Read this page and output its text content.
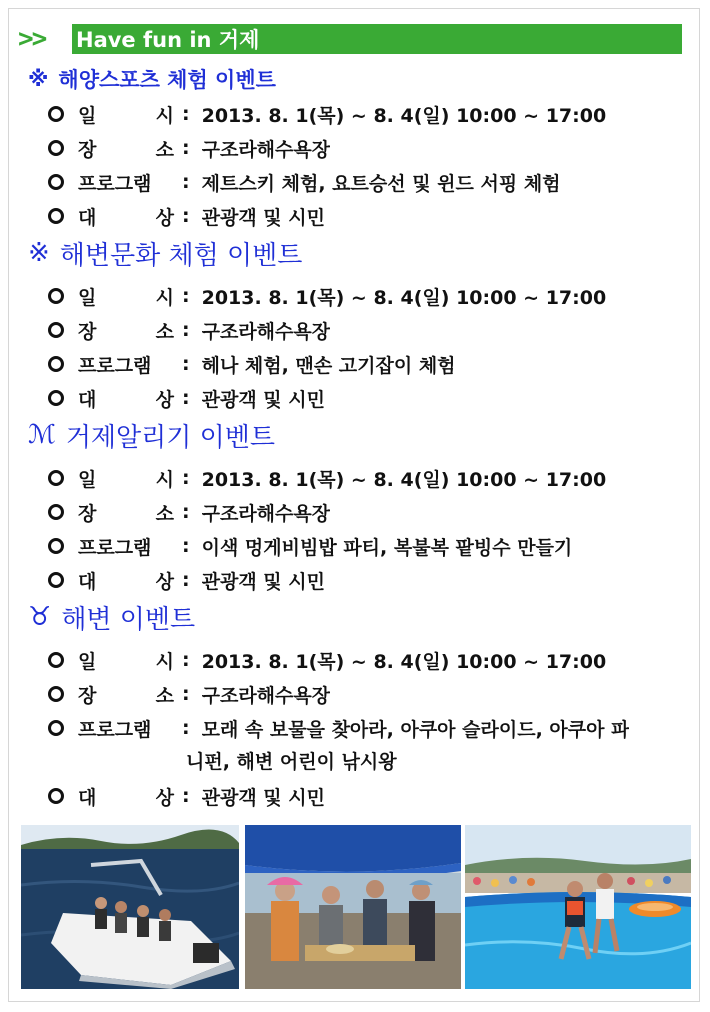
>>	Have fun in 거제
※ 해양스포츠 체험 이벤트
일	시 : 2013. 8. 1(목) ~ 8. 4(일) 10:00 ~ 17:00
장	소 : 구조라해수욕장
프로그램 : 제트스키 체험, 요트승선 및 윈드 서핑 체험
대	상 : 관광객 및 시민
※ 해변문화 체험 이벤트
일	시 : 2013. 8. 1(목) ~ 8. 4(일) 10:00 ~ 17:00
장	소 : 구조라해수욕장
프로그램 : 헤나 체험, 맨손 고기잡이 체험
대	상 : 관광객 및 시민
ℳ 거제알리기 이벤트
일	시 : 2013. 8. 1(목) ~ 8. 4(일) 10:00 ~ 17:00
장	소 : 구조라해수욕장
프로그램 : 이색 멍게비빔밥 파티, 복불복 팥빙수 만들기
대	상 : 관광객 및 시민
♉ 해변 이벤트
일	시 : 2013. 8. 1(목) ~ 8. 4(일) 10:00 ~ 17:00
장	소 : 구조라해수욕장
프로그램 : 모래 속 보물을 찾아라, 아쿠아 슬라이드, 아쿠아 파
니펀, 해변 어린이 낚시왕
대	상 : 관광객 및 시민
